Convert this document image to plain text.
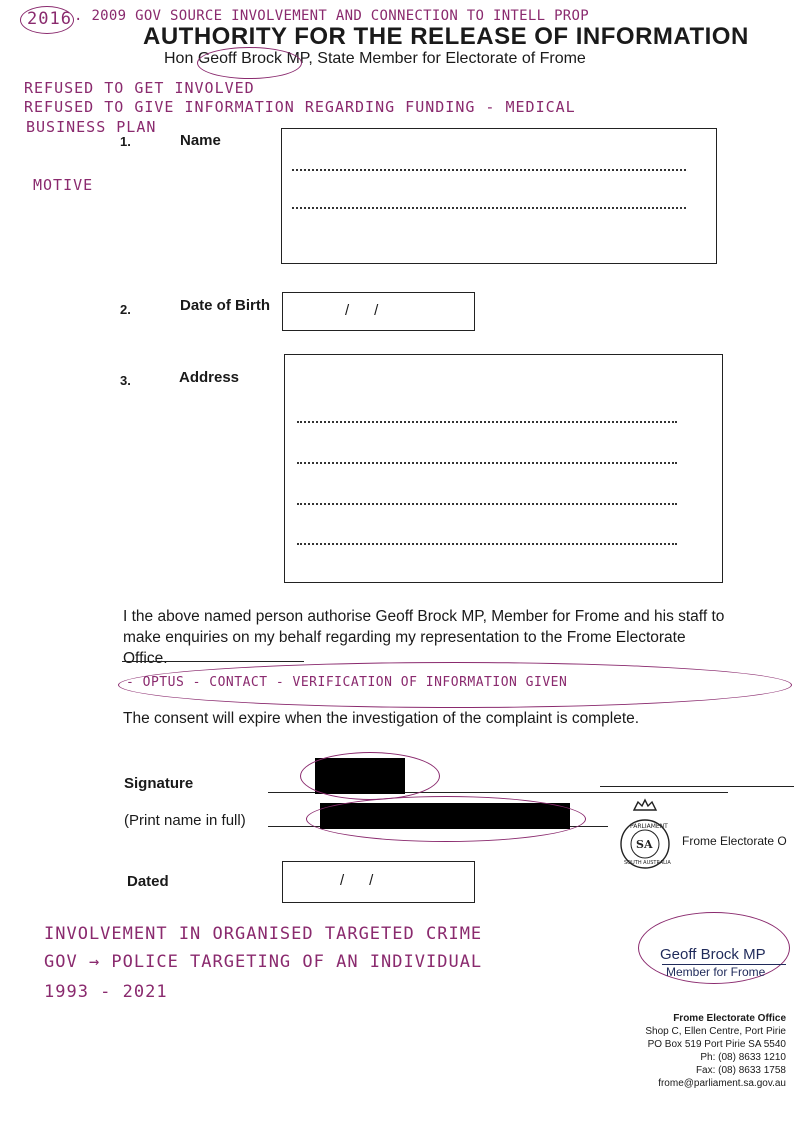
2016 . 2009 GOV SOURCE INVOLVEMENT AND CONNECTION TO INTELL PROP
AUTHORITY FOR THE RELEASE OF INFORMATION
Hon Geoff Brock MP, State Member for Electorate of Frome
REFUSED TO GET INVOLVED
REFUSED TO GIVE INFORMATION REGARDING FUNDING - MEDICAL
BUSINESS PLAN
MOTIVE
1.	Name
2.	Date of Birth	/      /
3.	Address
I the above named person authorise Geoff Brock MP, Member for Frome and his staff to make enquiries on my behalf regarding my representation to the Frome Electorate Office.
- OPTUS - CONTACT - VERIFICATION OF INFORMATION GIVEN
The consent will expire when the investigation of the complaint is complete.
Signature
(Print name in full)
Dated	/      /
PARLIAMENT
SA
SOUTH AUSTRALIA
Frome Electorate O
INVOLVEMENT IN ORGANISED TARGETED CRIME
GOV → POLICE TARGETING OF AN INDIVIDUAL
1993 - 2021
Geoff Brock MP
Member for Frome
Frome Electorate Office
Shop C, Ellen Centre, Port Pirie
PO Box 519 Port Pirie SA 5540
Ph: (08) 8633 1210
Fax: (08) 8633 1758
frome@parliament.sa.gov.au
